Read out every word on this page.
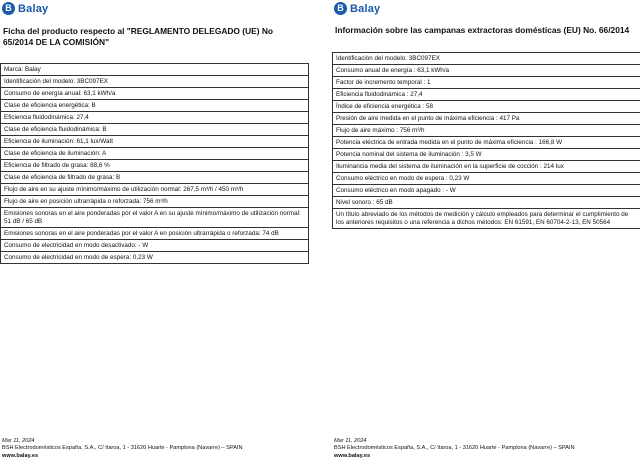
B Balay
Ficha del producto respecto al "REGLAMENTO DELEGADO (UE) No 65/2014 DE LA COMISIÓN"
Marca: Balay
Identificación del modelo: 3BC097EX
Consumo de energía anual: 63,1 kWh/a
Clase de eficiencia energética: B
Eficiencia fluidodinámica: 27,4
Clase de eficiencia fluidodinámica: B
Eficiencia de iluminación: 61,1 lux/Watt
Clase de eficiencia de iluminación: A
Eficiencia de filtrado de grasa: 88,6 %
Clase de eficiencia de filtrado de grasa: B
Flujo de aire en su ajuste mínimo/máximo de utilización normal: 267,5 m³/h / 450 m³/h
Flujo de aire en posición ultrarrápida o reforzada: 756 m³/h
Emisiones sonoras en el aire ponderadas por el valor A en su ajuste mínimo/máximo de utilización normal: 51 dB / 65 dB
Emisiones sonoras en el aire ponderadas por el valor A en posición ultrarrápida o reforzada: 74 dB
Consumo de electricidad en modo desactivado: - W
Consumo de electricidad en modo de espera: 0,23 W
Mar 11, 2024
BSH Electrodomésticos España, S.A., C/ Itaroa, 1 - 31620 Huarte - Pamplona (Navarre) – SPAIN
www.balay.es
B Balay
Información sobre las campanas extractoras domésticas (EU) No. 66/2014
Identificación del modelo: 3BC097EX
Consumo anual de energía : 63,1 kWh/a
Factor de incremento temporal : 1
Eficiencia fluidodinámica : 27,4
Índice de eficiencia energética : 58
Presión de aire medida en el punto de máxima eficiencia : 417 Pa
Flujo de aire máximo : 756 m³/h
Potencia eléctrica de entrada medida en el punto de máxima eficiencia : 166,8 W
Potencia nominal del sistema de iluminación : 3,5 W
Iluminancia media del sistema de iluminación en la superficie de cocción : 214 lux
Consumo eléctrico en modo de espera : 0,23 W
Consumo eléctrico en modo apagado : - W
Nivel sonoro : 65 dB
Un título abreviado de los métodos de medición y cálculo empleados para determinar el cumplimiento de los anteriores requisitos o una referencia a dichos métodos: EN 61591, EN 60704-2-13, EN 50564
Mar 11, 2024
BSH Electrodomésticos España, S.A., C/ Itaroa, 1 - 31620 Huarte - Pamplona (Navarre) – SPAIN
www.balay.es
